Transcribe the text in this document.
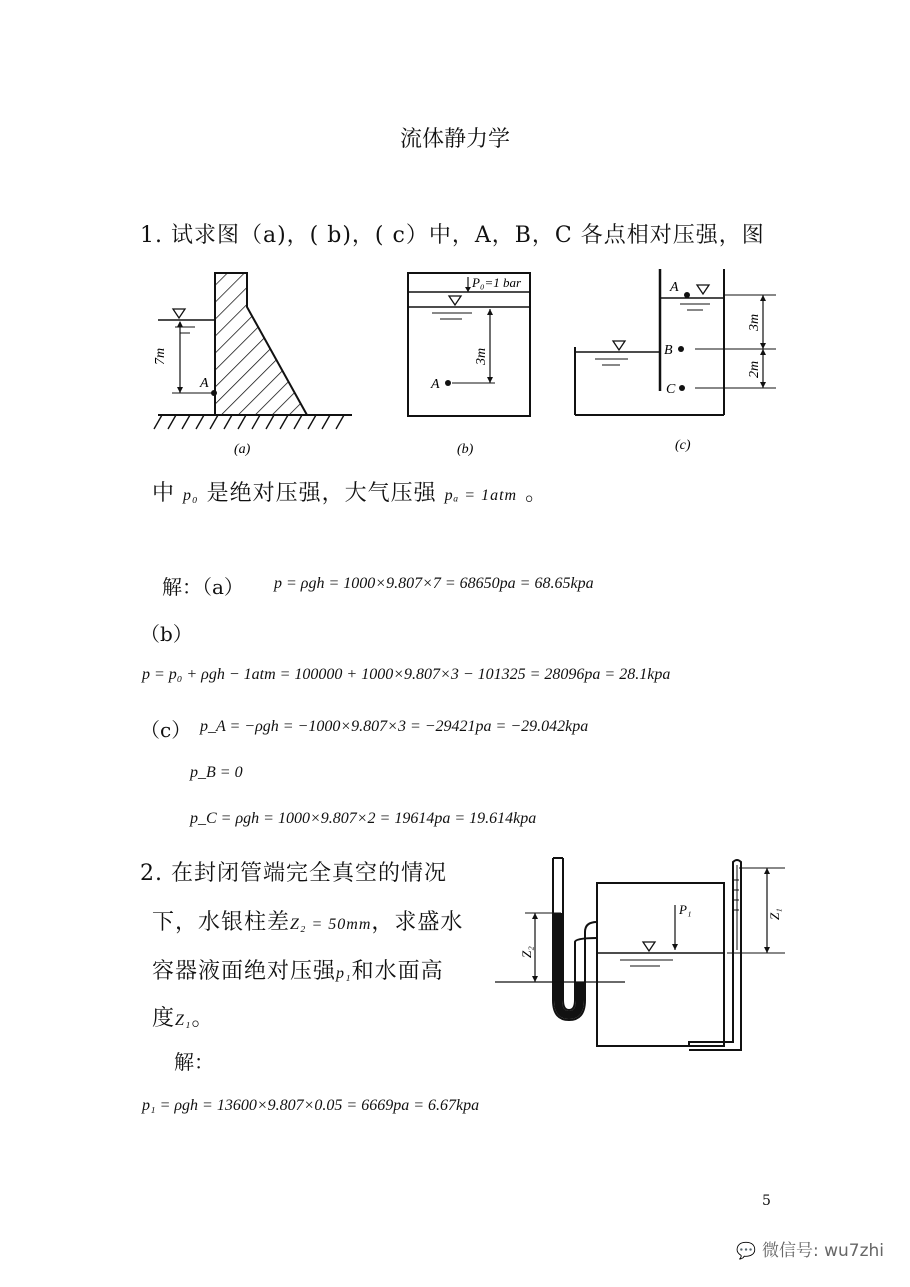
流体静力学
1. 试求图（a)，( b)，( c）中，A，B，C 各点相对压强，图
7m
A
(a)
P₀=1 bar
3m
A
(b)
A
B
C
3m
2m
(c)
中 p₀ 是绝对压强，大气压强 pₐ = 1atm 。
解：（a） p = ρgh = 1000×9.807×7 = 68650pa = 68.65kpa
（b）
p = p₀ + ρgh − 1atm = 100000 + 1000×9.807×3 − 101325 = 28096pa = 28.1kpa
（c） p_A = −ρgh = −1000×9.807×3 = −29421pa = −29.042kpa
p_B = 0
p_C = ρgh = 1000×9.807×2 = 19614pa = 19.614kpa
2. 在封闭管端完全真空的情况
下，水银柱差Z₂ = 50mm，求盛水
容器液面绝对压强p₁和水面高
度Z₁。
P₁
Z₂
Z₁
解：
p₁ = ρgh = 13600×9.807×0.05 = 6669pa = 6.67kpa
5
💬 微信号: wu7zhi
